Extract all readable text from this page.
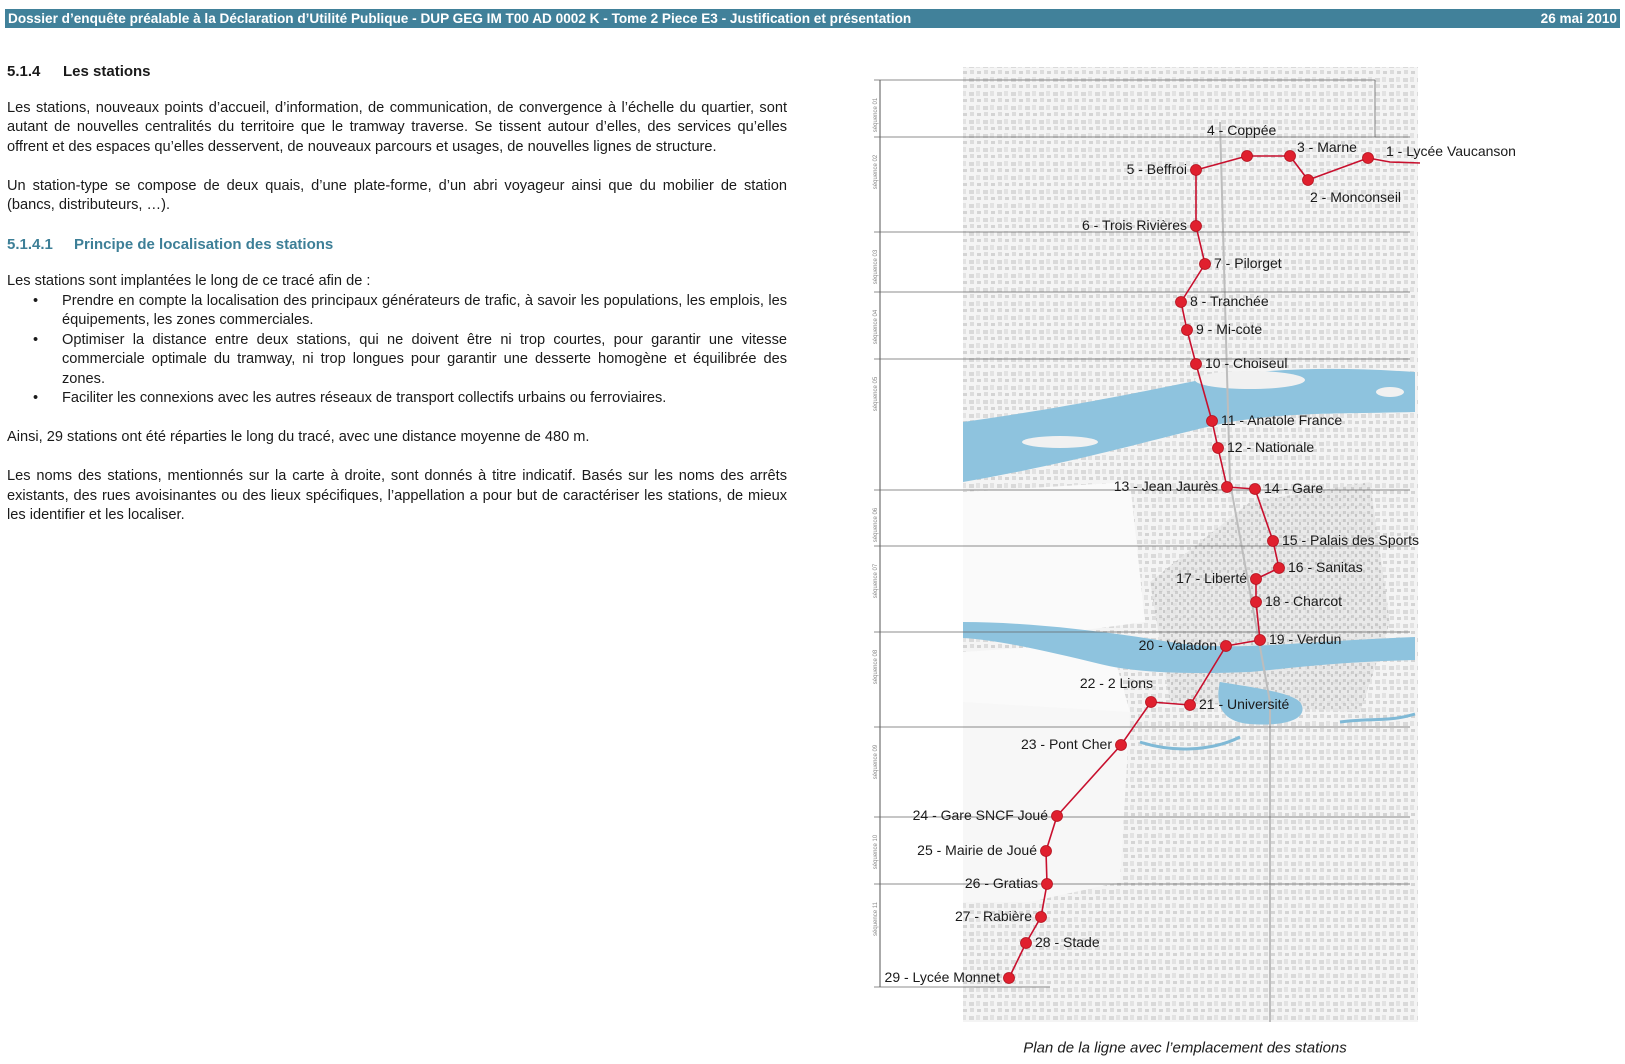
Dossier d’enquête préalable à la Déclaration d’Utilité Publique - DUP GEG IM T00 AD 0002 K - Tome 2 Piece E3 - Justification et présentation	26 mai 2010
5.1.4 Les stations

Les stations, nouveaux points d’accueil, d’information, de communication, de convergence à l’échelle du quartier, sont autant de nouvelles centralités du territoire que le tramway traverse. Se tissent autour d’elles, des services qu’elles offrent et des espaces qu’elles desservent, de nouveaux parcours et usages, de nouvelles lignes de structure.

Un station-type se compose de deux quais, d’une plate-forme, d’un abri voyageur ainsi que du mobilier de station (bancs, distributeurs, …).

5.1.4.1 Principe de localisation des stations

Les stations sont implantées le long de ce tracé afin de :

• Prendre en compte la localisation des principaux générateurs de trafic, à savoir les populations, les emplois, les équipements, les zones commerciales.
• Optimiser la distance entre deux stations, qui ne doivent être ni trop courtes, pour garantir une vitesse commerciale optimale du tramway, ni trop longues pour garantir une desserte homogène et équilibrée des zones.
• Faciliter les connexions avec les autres réseaux de transport collectifs urbains ou ferroviaires.

Ainsi, 29 stations ont été réparties le long du tracé, avec une distance moyenne de 480 m.

Les noms des stations, mentionnés sur la carte à droite, sont donnés à titre indicatif. Basés sur les noms des arrêts existants, des rues avoisinantes ou des lieux spécifiques, l’appellation a pour but de caractériser les stations, de mieux les identifier et les localiser.

séquence 01
séquence 02
séquence 03
séquence 04
séquence 05
séquence 06
séquence 07
séquence 08
séquence 09
séquence 10
séquence 11
1 - Lycée Vaucanson
2 - Monconseil
3 - Marne
4 - Coppée
5 - Beffroi
6 - Trois Rivières
7 - Pilorget
8 - Tranchée
9 - Mi-cote
10 - Choiseul
11 - Anatole France
12 - Nationale
13 - Jean Jaurès	14 - Gare
15 - Palais des Sports
16 - Sanitas
17 - Liberté
18 - Charcot
19 - Verdun
20 - Valadon
21 - Université
22 - 2 Lions
23 - Pont Cher
24 - Gare SNCF Joué
25 - Mairie de Joué
26 - Gratias
27 - Rabière
28 - Stade
29 - Lycée Monnet
Plan de la ligne avec l’emplacement des stations
